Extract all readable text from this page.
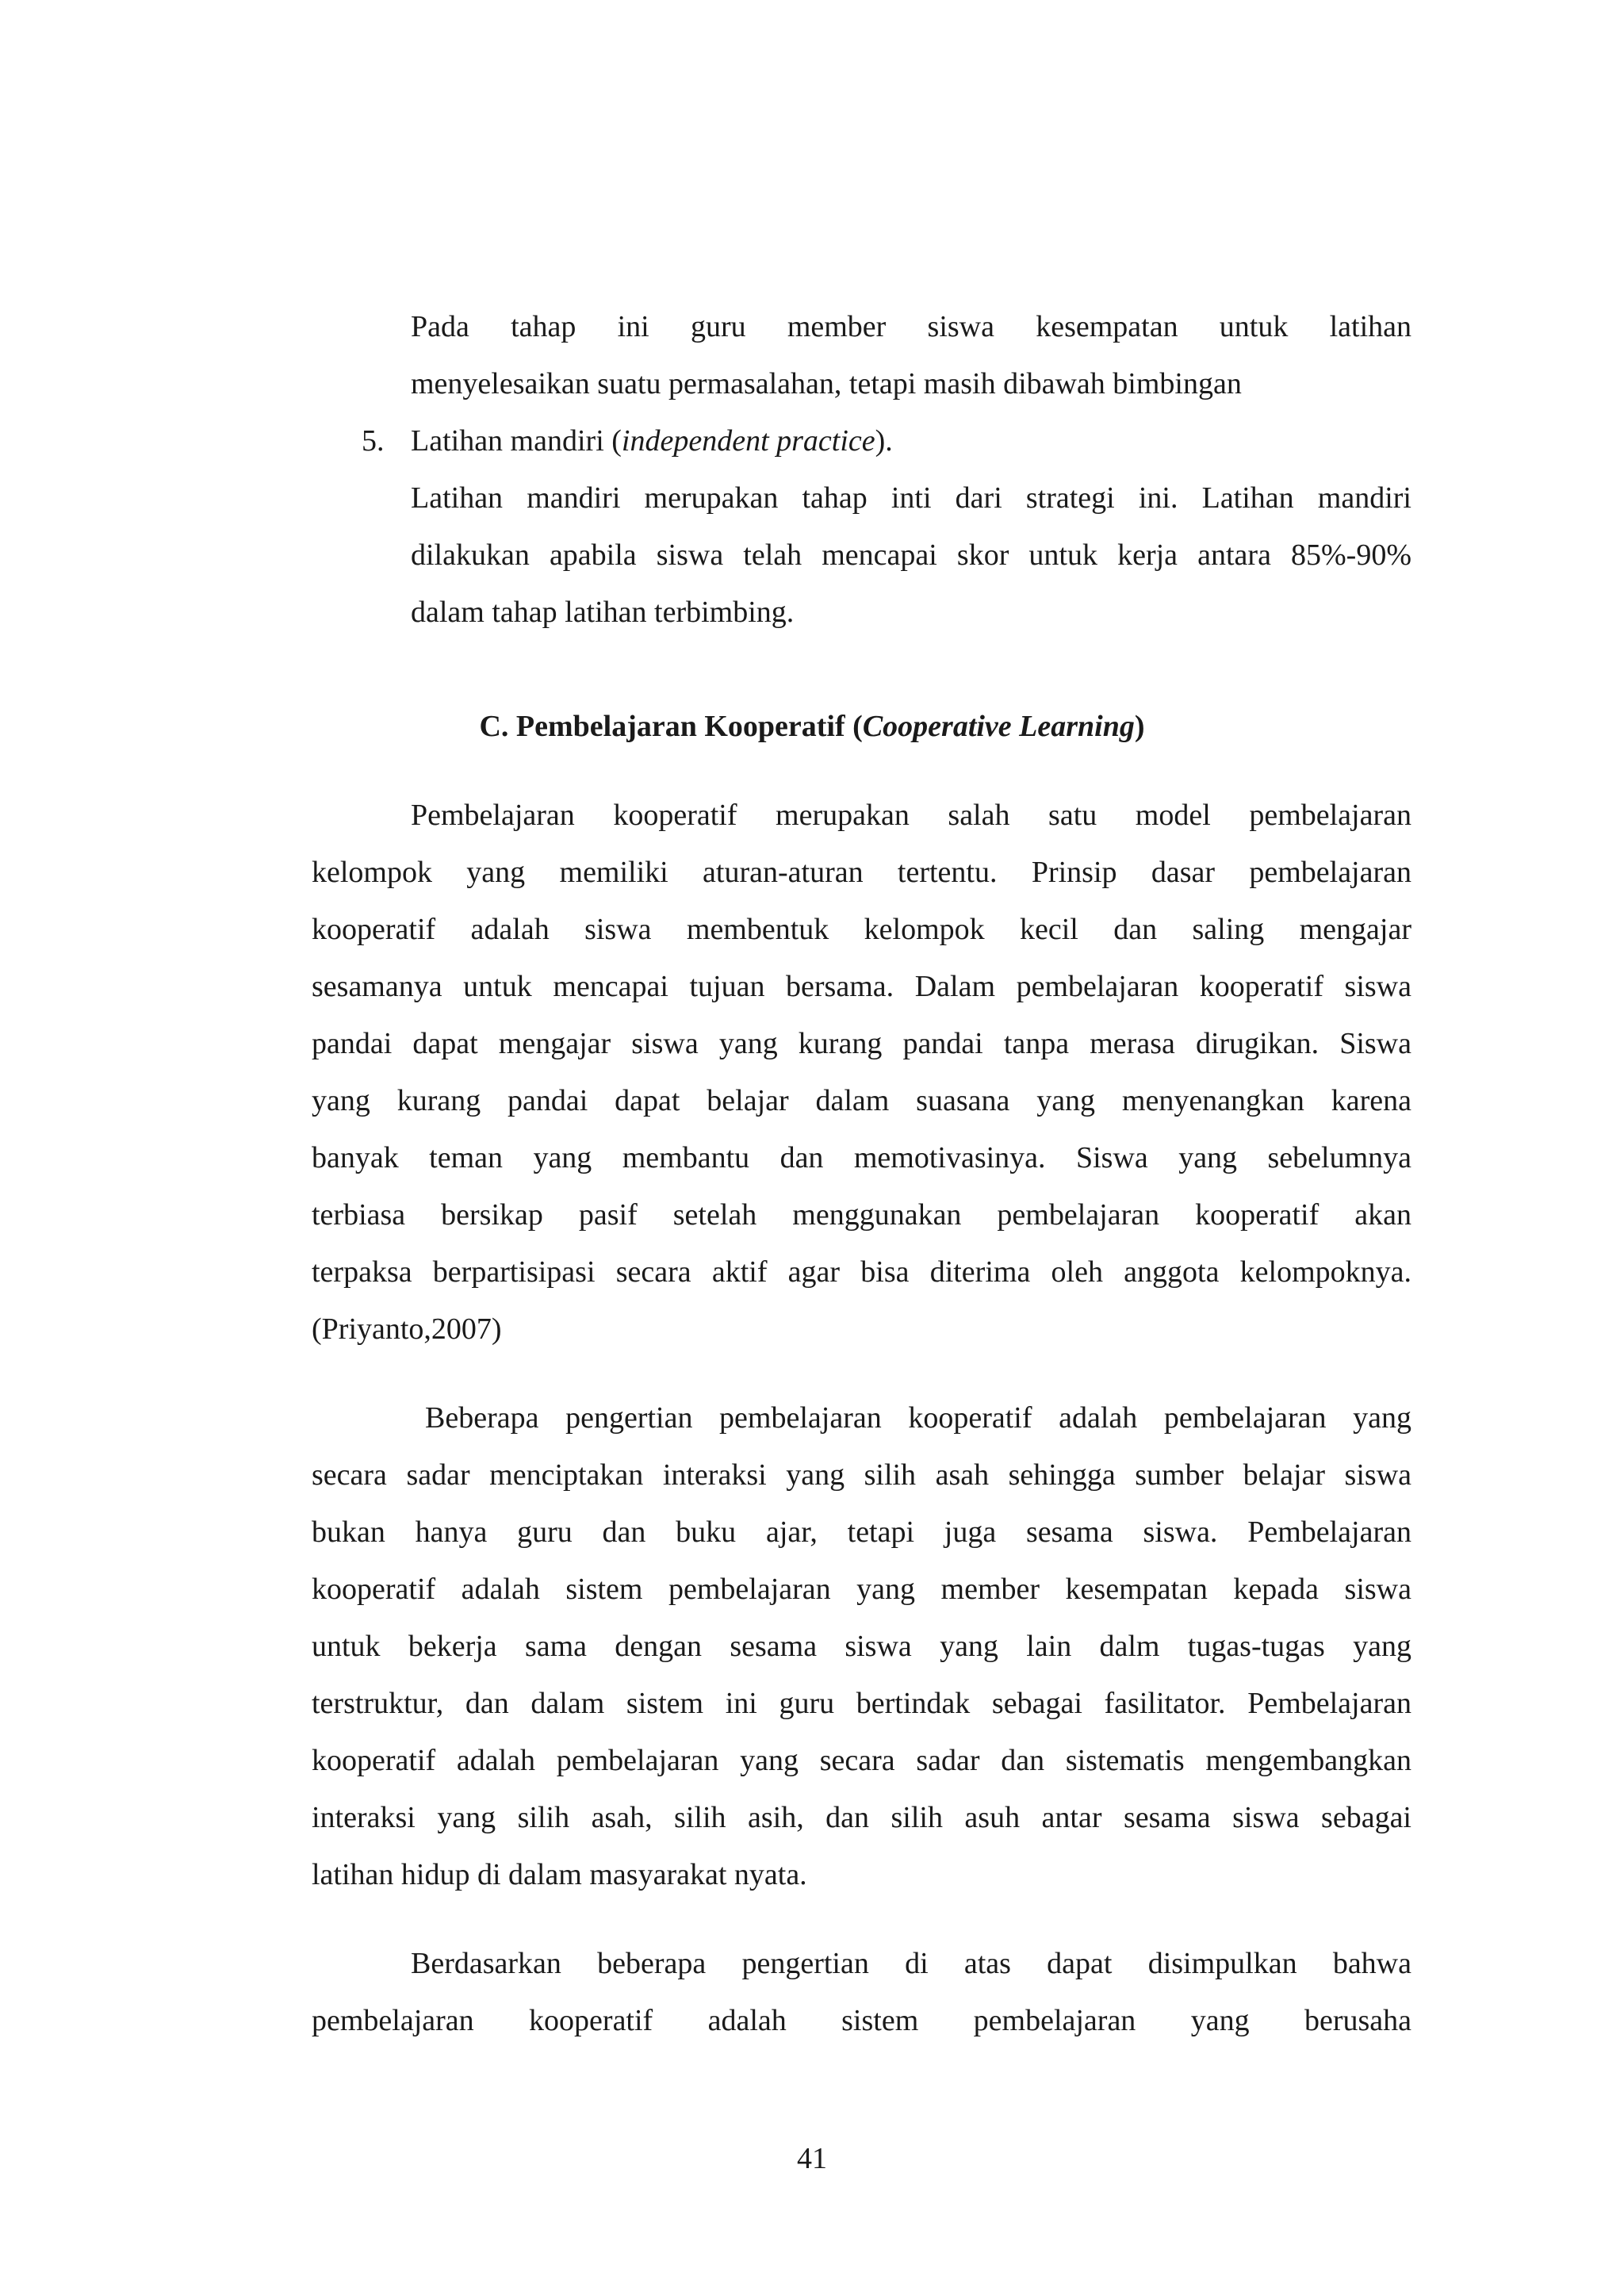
Pada tahap ini guru member siswa kesempatan untuk latihan
menyelesaikan suatu permasalahan, tetapi masih dibawah bimbingan
5. Latihan mandiri (independent practice).
Latihan mandiri merupakan tahap inti dari strategi ini. Latihan mandiri
dilakukan apabila siswa telah mencapai skor untuk kerja antara 85%-90%
dalam tahap latihan terbimbing.
C. Pembelajaran Kooperatif (Cooperative Learning)
Pembelajaran kooperatif merupakan salah satu model pembelajaran
kelompok yang memiliki aturan-aturan tertentu. Prinsip dasar pembelajaran
kooperatif adalah siswa membentuk kelompok kecil dan saling mengajar
sesamanya untuk mencapai tujuan bersama. Dalam pembelajaran kooperatif siswa
pandai dapat mengajar siswa yang kurang pandai tanpa merasa dirugikan. Siswa
yang kurang pandai dapat belajar dalam suasana yang menyenangkan karena
banyak teman yang membantu dan memotivasinya. Siswa yang sebelumnya
terbiasa bersikap pasif setelah menggunakan pembelajaran kooperatif akan
terpaksa berpartisipasi secara aktif agar bisa diterima oleh anggota kelompoknya.
(Priyanto,2007)
Beberapa pengertian pembelajaran kooperatif adalah pembelajaran yang
secara sadar menciptakan interaksi yang silih asah sehingga sumber belajar siswa
bukan hanya guru dan buku ajar, tetapi juga sesama siswa. Pembelajaran
kooperatif adalah sistem pembelajaran yang member kesempatan kepada siswa
untuk bekerja sama dengan sesama siswa yang lain dalm tugas-tugas yang
terstruktur, dan dalam sistem ini guru bertindak sebagai fasilitator. Pembelajaran
kooperatif adalah pembelajaran yang secara sadar dan sistematis mengembangkan
interaksi yang silih asah, silih asih, dan silih asuh antar sesama siswa sebagai
latihan hidup di dalam masyarakat nyata.
Berdasarkan beberapa pengertian di atas dapat disimpulkan bahwa
pembelajaran kooperatif adalah sistem pembelajaran yang berusaha
41
